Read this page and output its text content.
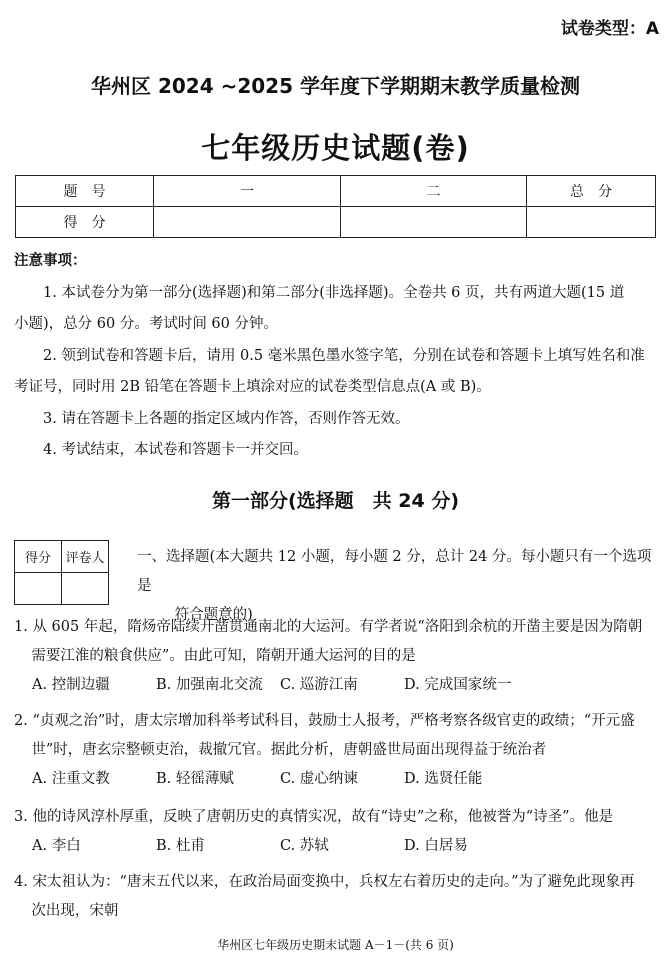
试卷类型：A
华州区 2024 ~2025 学年度下学期期末教学质量检测
七年级历史试题(卷)
题　号	一	二	总　分
得　分			

注意事项：

1. 本试卷分为第一部分(选择题)和第二部分(非选择题)。全卷共 6 页，共有两道大题(15 道

小题)，总分 60 分。考试时间 60 分钟。

2. 领到试卷和答题卡后，请用 0.5 毫米黑色墨水签字笔，分别在试卷和答题卡上填写姓名和准

考证号，同时用 2B 铅笔在答题卡上填涂对应的试卷类型信息点(A 或 B)。

3. 请在答题卡上各题的指定区域内作答，否则作答无效。

4. 考试结束，本试卷和答题卡一并交回。

第一部分(选择题　共 24 分)
得分	评卷人
	一、选择题(本大题共 12 小题，每小题 2 分，总计 24 分。每小题只有一个选项是
符合题意的)

1. 从 605 年起，隋炀帝陆续开凿贯通南北的大运河。有学者说“洛阳到余杭的开凿主要是因为隋朝

需要江淮的粮食供应”。由此可知，隋朝开通大运河的目的是

A. 控制边疆	B. 加强南北交流	C. 巡游江南	D. 完成国家统一

2. “贞观之治”时，唐太宗增加科举考试科目，鼓励士人报考，严格考察各级官吏的政绩；“开元盛

世”时，唐玄宗整顿吏治，裁撤冗官。据此分析，唐朝盛世局面出现得益于统治者

A. 注重文教	B. 轻徭薄赋	C. 虚心纳谏	D. 选贤任能

3. 他的诗风淳朴厚重，反映了唐朝历史的真情实况，故有“诗史”之称，他被誉为“诗圣”。他是

A. 李白	B. 杜甫	C. 苏轼	D. 白居易

4. 宋太祖认为：“唐末五代以来，在政治局面变换中，兵权左右着历史的走向。”为了避免此现象再

次出现，宋朝

华州区七年级历史期末试题 A－1－(共 6 页)
